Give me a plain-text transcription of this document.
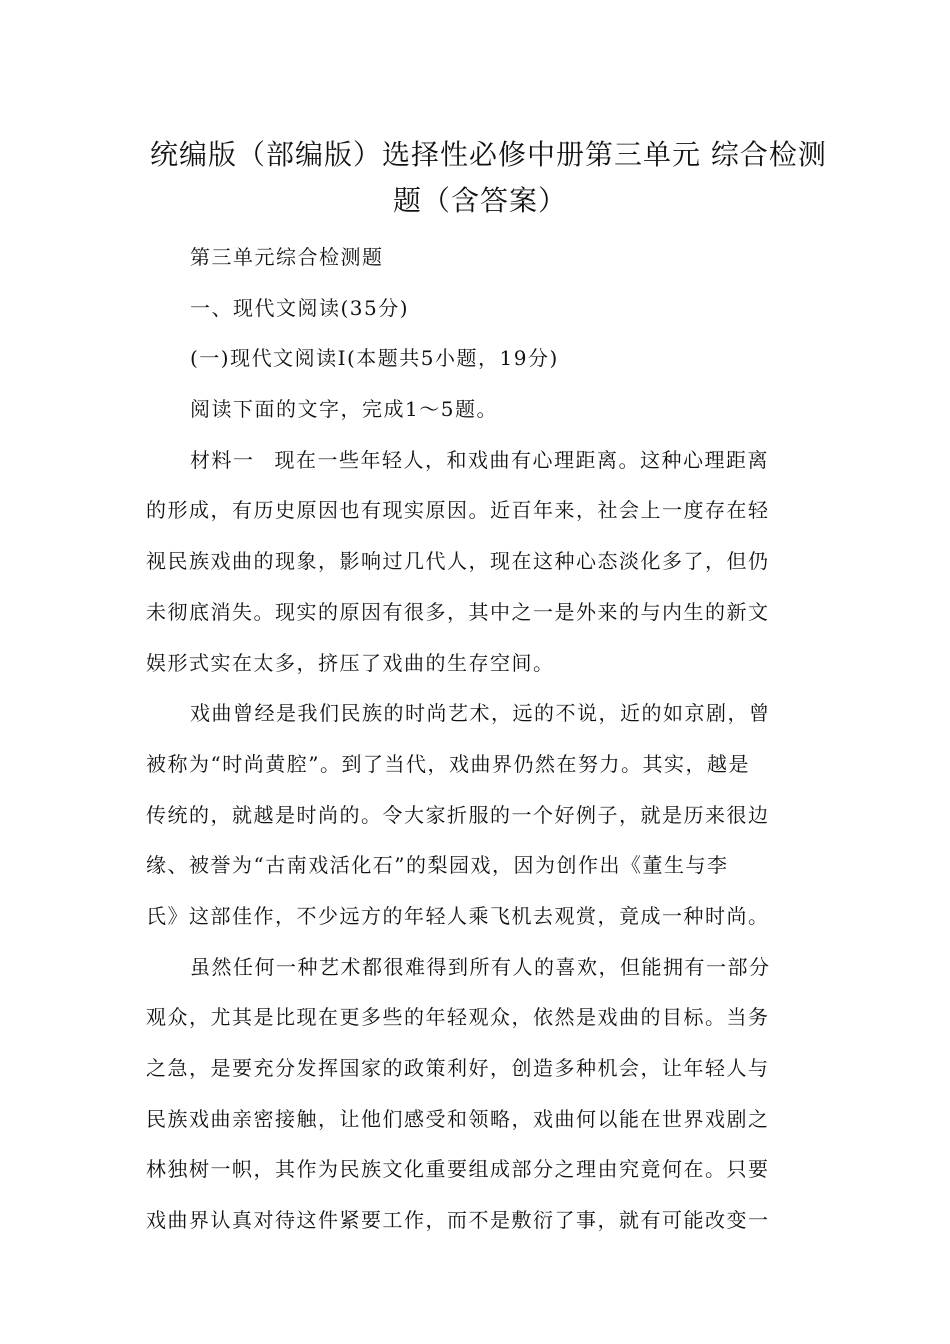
统编版（部编版）选择性必修中册第三单元 综合检测
题（含答案）
第三单元综合检测题
一、现代文阅读(35分)
(一)现代文阅读Ⅰ(本题共5小题，19分)
阅读下面的文字，完成1～5题。
材料一 现在一些年轻人，和戏曲有心理距离。这种心理距离
的形成，有历史原因也有现实原因。近百年来，社会上一度存在轻
视民族戏曲的现象，影响过几代人，现在这种心态淡化多了，但仍
未彻底消失。现实的原因有很多，其中之一是外来的与内生的新文
娱形式实在太多，挤压了戏曲的生存空间。
戏曲曾经是我们民族的时尚艺术，远的不说，近的如京剧，曾
被称为“时尚黄腔”。到了当代，戏曲界仍然在努力。其实，越是
传统的，就越是时尚的。令大家折服的一个好例子，就是历来很边
缘、被誉为“古南戏活化石”的梨园戏，因为创作出《董生与李
氏》这部佳作，不少远方的年轻人乘飞机去观赏，竟成一种时尚。
虽然任何一种艺术都很难得到所有人的喜欢，但能拥有一部分
观众，尤其是比现在更多些的年轻观众，依然是戏曲的目标。当务
之急，是要充分发挥国家的政策利好，创造多种机会，让年轻人与
民族戏曲亲密接触，让他们感受和领略，戏曲何以能在世界戏剧之
林独树一帜，其作为民族文化重要组成部分之理由究竟何在。只要
戏曲界认真对待这件紧要工作，而不是敷衍了事，就有可能改变一
